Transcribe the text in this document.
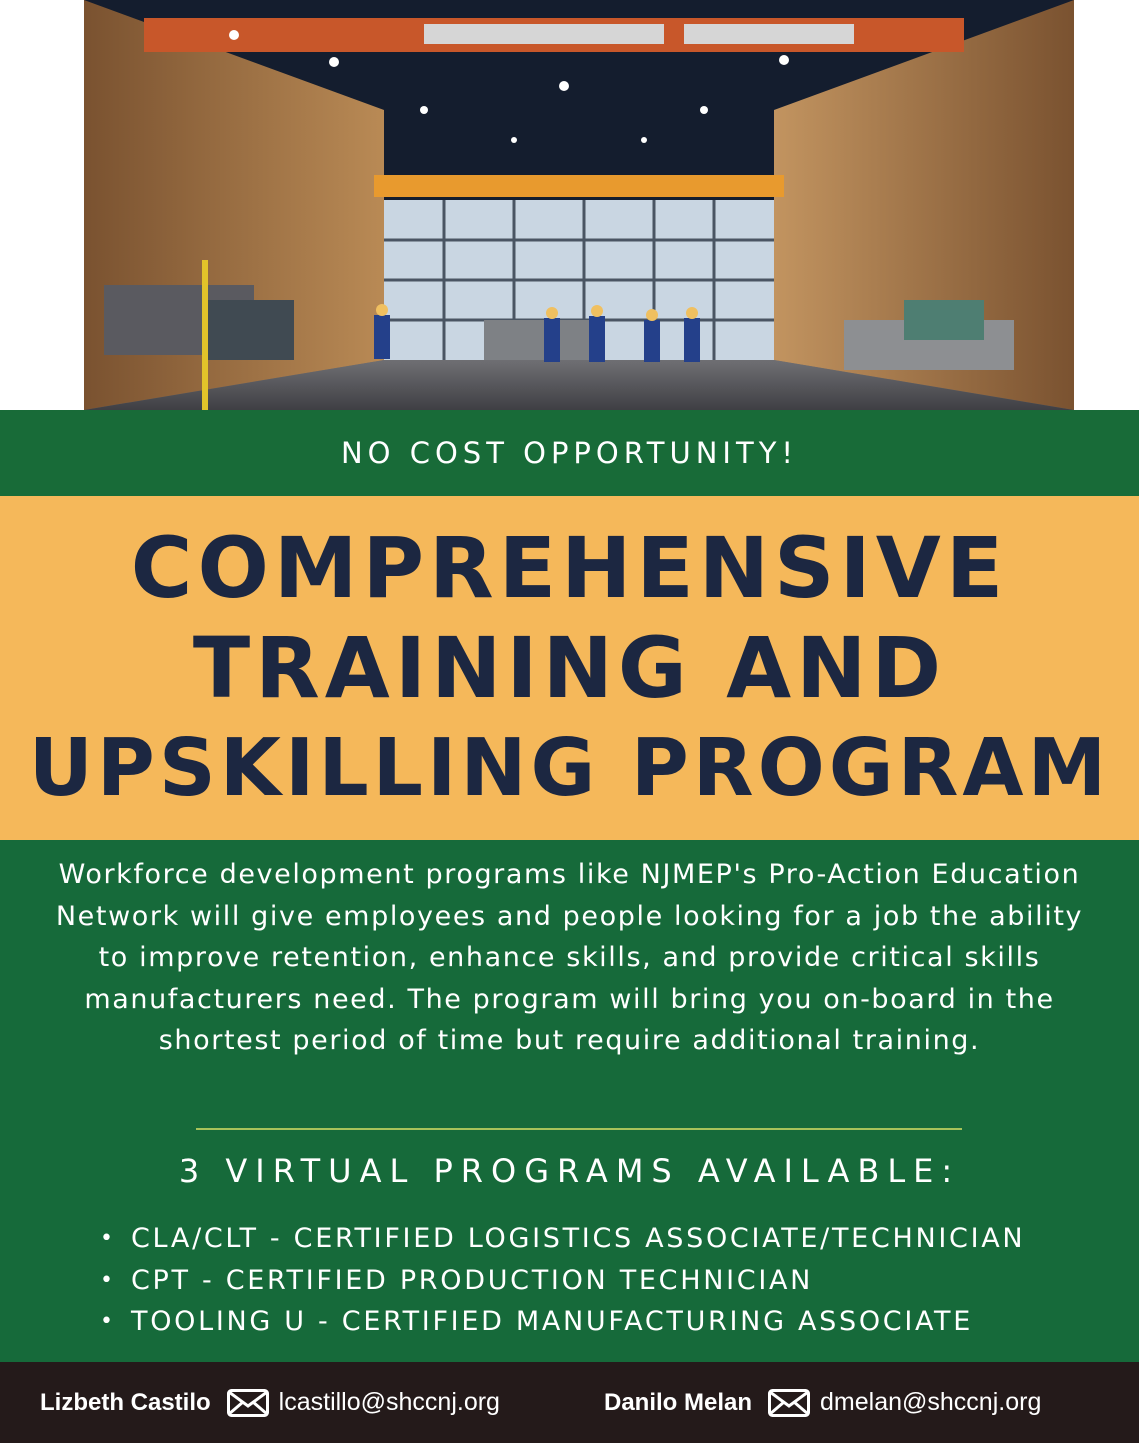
NO COST OPPORTUNITY!
COMPREHENSIVE
TRAINING AND
UPSKILLING PROGRAM
Workforce development programs like NJMEP's Pro-Action Education Network will give employees and people looking for a job the ability to improve retention, enhance skills, and provide critical skills manufacturers need. The program will bring you on-board in the shortest period of time but require additional training.
3 VIRTUAL PROGRAMS AVAILABLE:
• CLA/CLT - CERTIFIED LOGISTICS ASSOCIATE/TECHNICIAN
• CPT - CERTIFIED PRODUCTION TECHNICIAN
• TOOLING U - CERTIFIED MANUFACTURING ASSOCIATE
Lizbeth Castilo	lcastillo@shccnj.org	Danilo Melan	dmelan@shccnj.org
